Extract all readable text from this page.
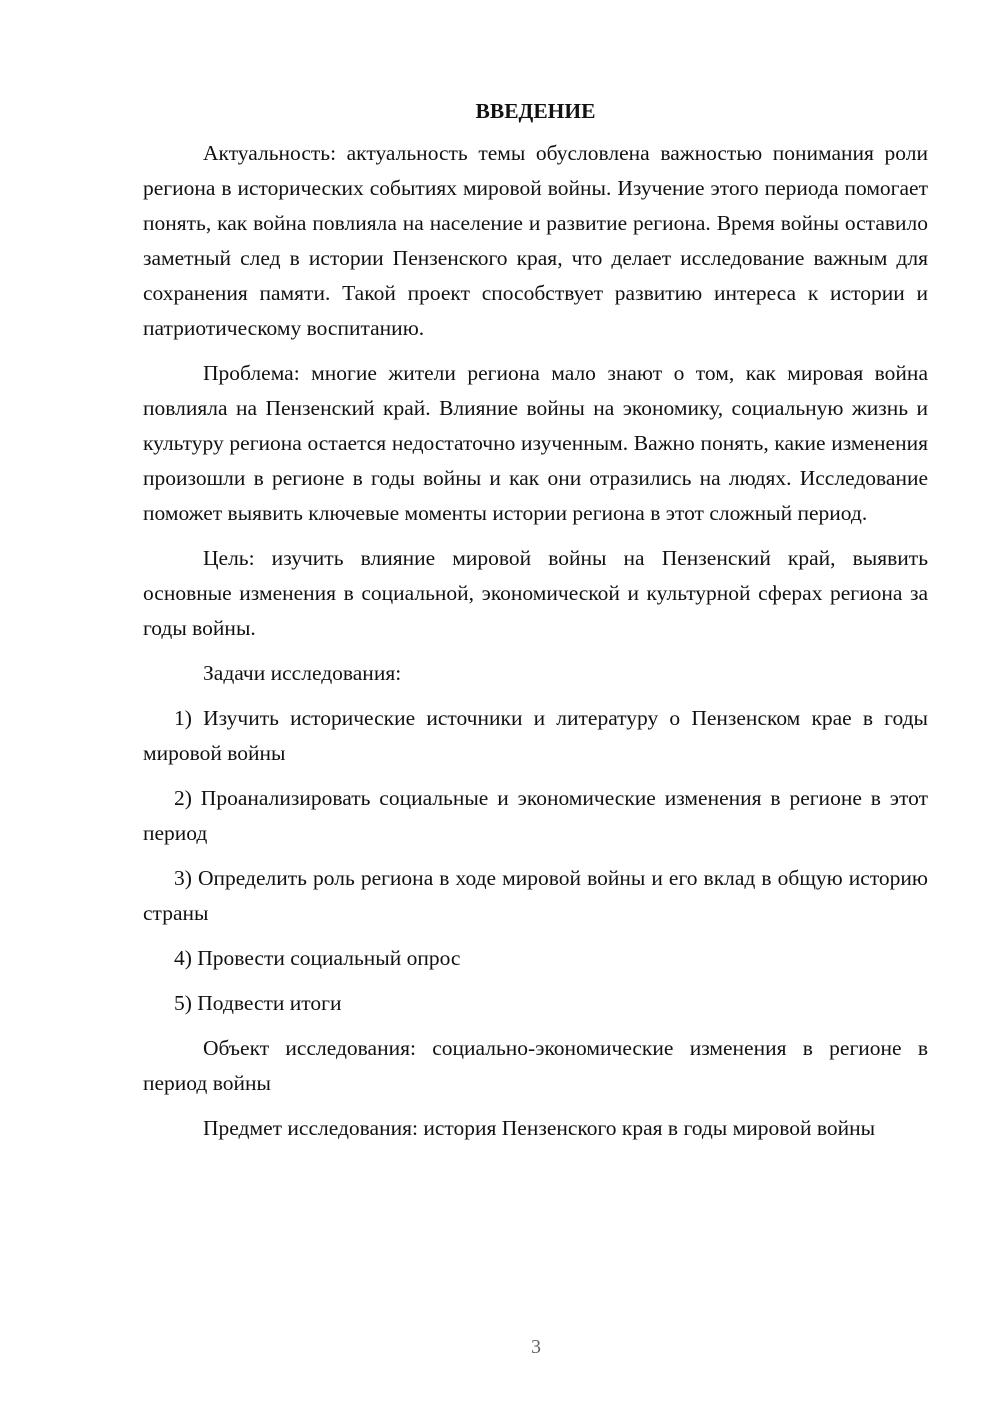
ВВЕДЕНИЕ

Актуальность: актуальность темы обусловлена важностью понимания роли региона в исторических событиях мировой войны. Изучение этого периода помогает понять, как война повлияла на население и развитие региона. Время войны оставило заметный след в истории Пензенского края, что делает исследование важным для сохранения памяти. Такой проект способствует развитию интереса к истории и патриотическому воспитанию.

Проблема: многие жители региона мало знают о том, как мировая война повлияла на Пензенский край. Влияние войны на экономику, социальную жизнь и культуру региона остается недостаточно изученным. Важно понять, какие изменения произошли в регионе в годы войны и как они отразились на людях. Исследование поможет выявить ключевые моменты истории региона в этот сложный период.

Цель: изучить влияние мировой войны на Пензенский край, выявить основные изменения в социальной, экономической и культурной сферах региона за годы войны.

Задачи исследования:

1) Изучить исторические источники и литературу о Пензенском крае в годы мировой войны

2) Проанализировать социальные и экономические изменения в регионе в этот период

3) Определить роль региона в ходе мировой войны и его вклад в общую историю страны

4) Провести социальный опрос

5) Подвести итоги

Объект исследования: социально-экономические изменения в регионе в период войны

Предмет исследования: история Пензенского края в годы мировой войны

3
